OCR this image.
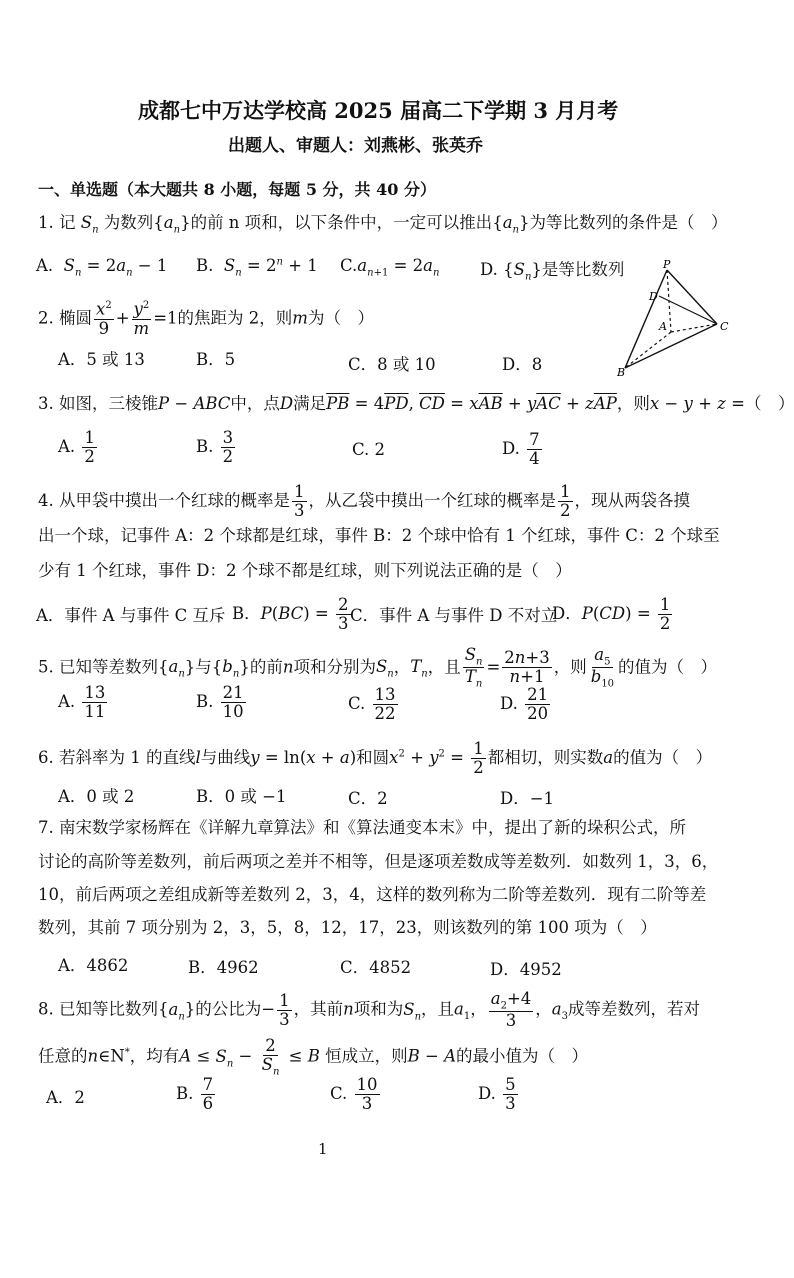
成都七中万达学校高 2025 届高二下学期 3 月月考
出题人、审题人：刘燕彬、张英乔
一、单选题（本大题共 8 小题，每题 5 分，共 40 分）
1. 记 $S_n$ 为数列$\{a_n\}$的前 n 项和，以下条件中，一定可以推出$\{a_n\}$为等比数列的条件是（　）
A. $S_n = 2a_n - 1$ B. $S_n = 2^n + 1$ $C.a_{n+1} = 2a_n$ D. $\{S_n\}$是等比数列
2. 椭圆 $\frac{x^2}{9} + \frac{y^2}{m} =1$的焦距为 2，则m为（　）
A．5 或 13	B．5	C．8 或 10	D．8
P
D
A	C
B
3. 如图，三棱锥P − ABC中，点D满足$\overline{PB} = 4\overline{PD}$, $\overline{CD} = x\overline{AB} + y\overline{AC} + z\overline{AP}$，则x − y + z =（　）
A. $\frac{1}{2}$	B. $\frac{3}{2}$	C. 2	D. $\frac{7}{4}$
4. 从甲袋中摸出一个红球的概率是 $\frac{1}{3}$ ，从乙袋中摸出一个红球的概率是 $\frac{1}{2}$ ，现从两袋各摸
出一个球，记事件 A：2 个球都是红球，事件 B：2 个球中恰有 1 个红球，事件 C：2 个球至
少有 1 个红球，事件 D：2 个球不都是红球，则下列说法正确的是（　）
A．事件 A 与事件 C 互斥 B．$P(BC) = \frac{2}{3}$ C．事件 A 与事件 D 不对立
D．$P(CD) = \frac{1}{2}$
5. 已知等差数列$\{a_n\}$与$\{b_n\}$的前n项和分别为$S_n$，$T_n$，且 $\frac{S_n}{T_n} = \frac{2n+3}{n+1}$ ，则 $\frac{a_5}{b_{10}}$ 的值为（　）
A. $\frac{13}{11}$	B. $\frac{21}{10}$	C. $\frac{13}{22}$	D. $\frac{21}{20}$
6. 若斜率为 1 的直线l与曲线y = ln(x + a)和圆$x^2 + y^2 = \frac{1}{2}$ 都相切，则实数a的值为（　）
A．0 或 2	B．0 或 −1	C．2	D．−1
7. 南宋数学家杨辉在《详解九章算法》和《算法通变本末》中，提出了新的垛积公式，所
讨论的高阶等差数列，前后两项之差并不相等，但是逐项差数成等差数列．如数列 1，3，6，
10，前后两项之差组成新等差数列 2，3，4，这样的数列称为二阶等差数列．现有二阶等差
数列，其前 7 项分别为 2，3，5，8，12，17，23，则该数列的第 100 项为（　）
A．4862	B．4962	C．4852	D．4952
8. 已知等比数列$\{a_n\}$的公比为− $\frac{1}{3}$ ，其前n项和为$S_n$，且$a_1$， $\frac{a_2+4}{3}$ ，$a_3$成等差数列，若对
任意的n∈N*，均有$A \le S_n - \frac{2}{S_n} \le B$ 恒成立，则B − A的最小值为（　）
A．2	B. $\frac{7}{6}$	C. $\frac{10}{3}$	D. $\frac{5}{3}$
1
